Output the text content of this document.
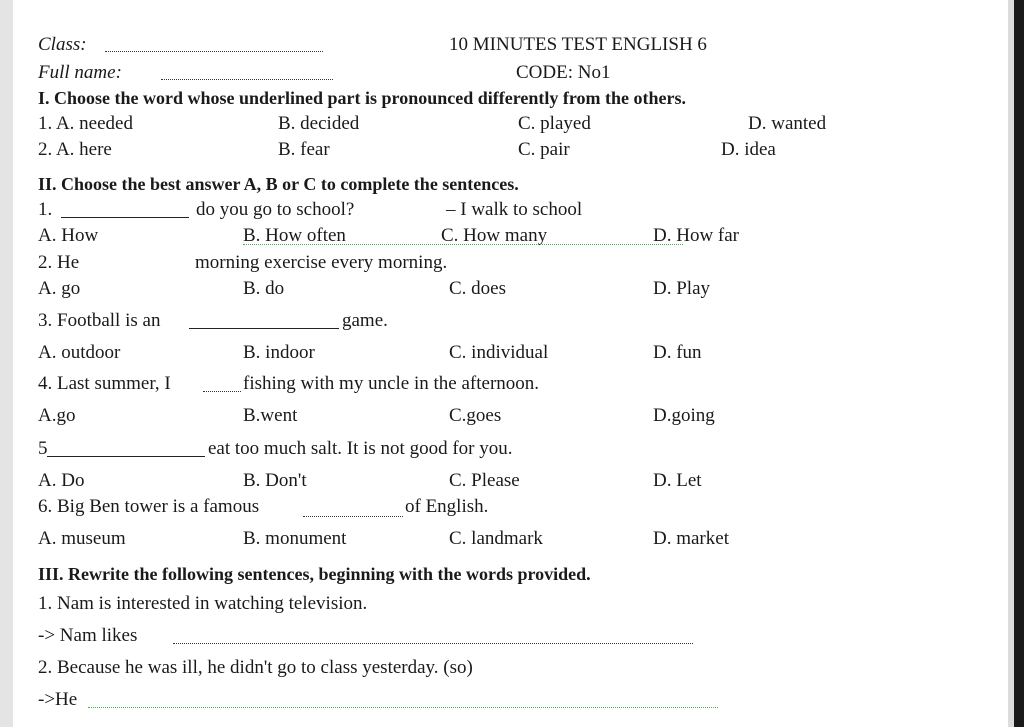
Class:	10 MINUTES TEST ENGLISH 6
Full name:	CODE: No1
I. Choose the word whose underlined part is pronounced differently from the others.
1. A. needed	B. decided	C. played	D. wanted
2. A. here	B. fear	C. pair	D. idea
II. Choose the best answer A, B or C to complete the sentences.
1.	do you go to school?	– I walk to school
A. How	B. How often	C. How many	D. How far
2. He	morning exercise every morning.
A. go	B. do	C. does	D. Play
3. Football is an	game.
A. outdoor	B. indoor	C. individual	D. fun
4. Last summer, I	fishing with my uncle in the afternoon.
A.go	B.went	C.goes	D.going
5	eat too much salt. It is not good for you.
A. Do	B. Don't	C. Please	D. Let
6. Big Ben tower is a famous	of English.
A. museum	B. monument	C. landmark	D. market
III. Rewrite the following sentences, beginning with the words provided.
1. Nam is interested in watching television.
-> Nam likes
2. Because he was ill, he didn't go to class yesterday. (so)
->He
